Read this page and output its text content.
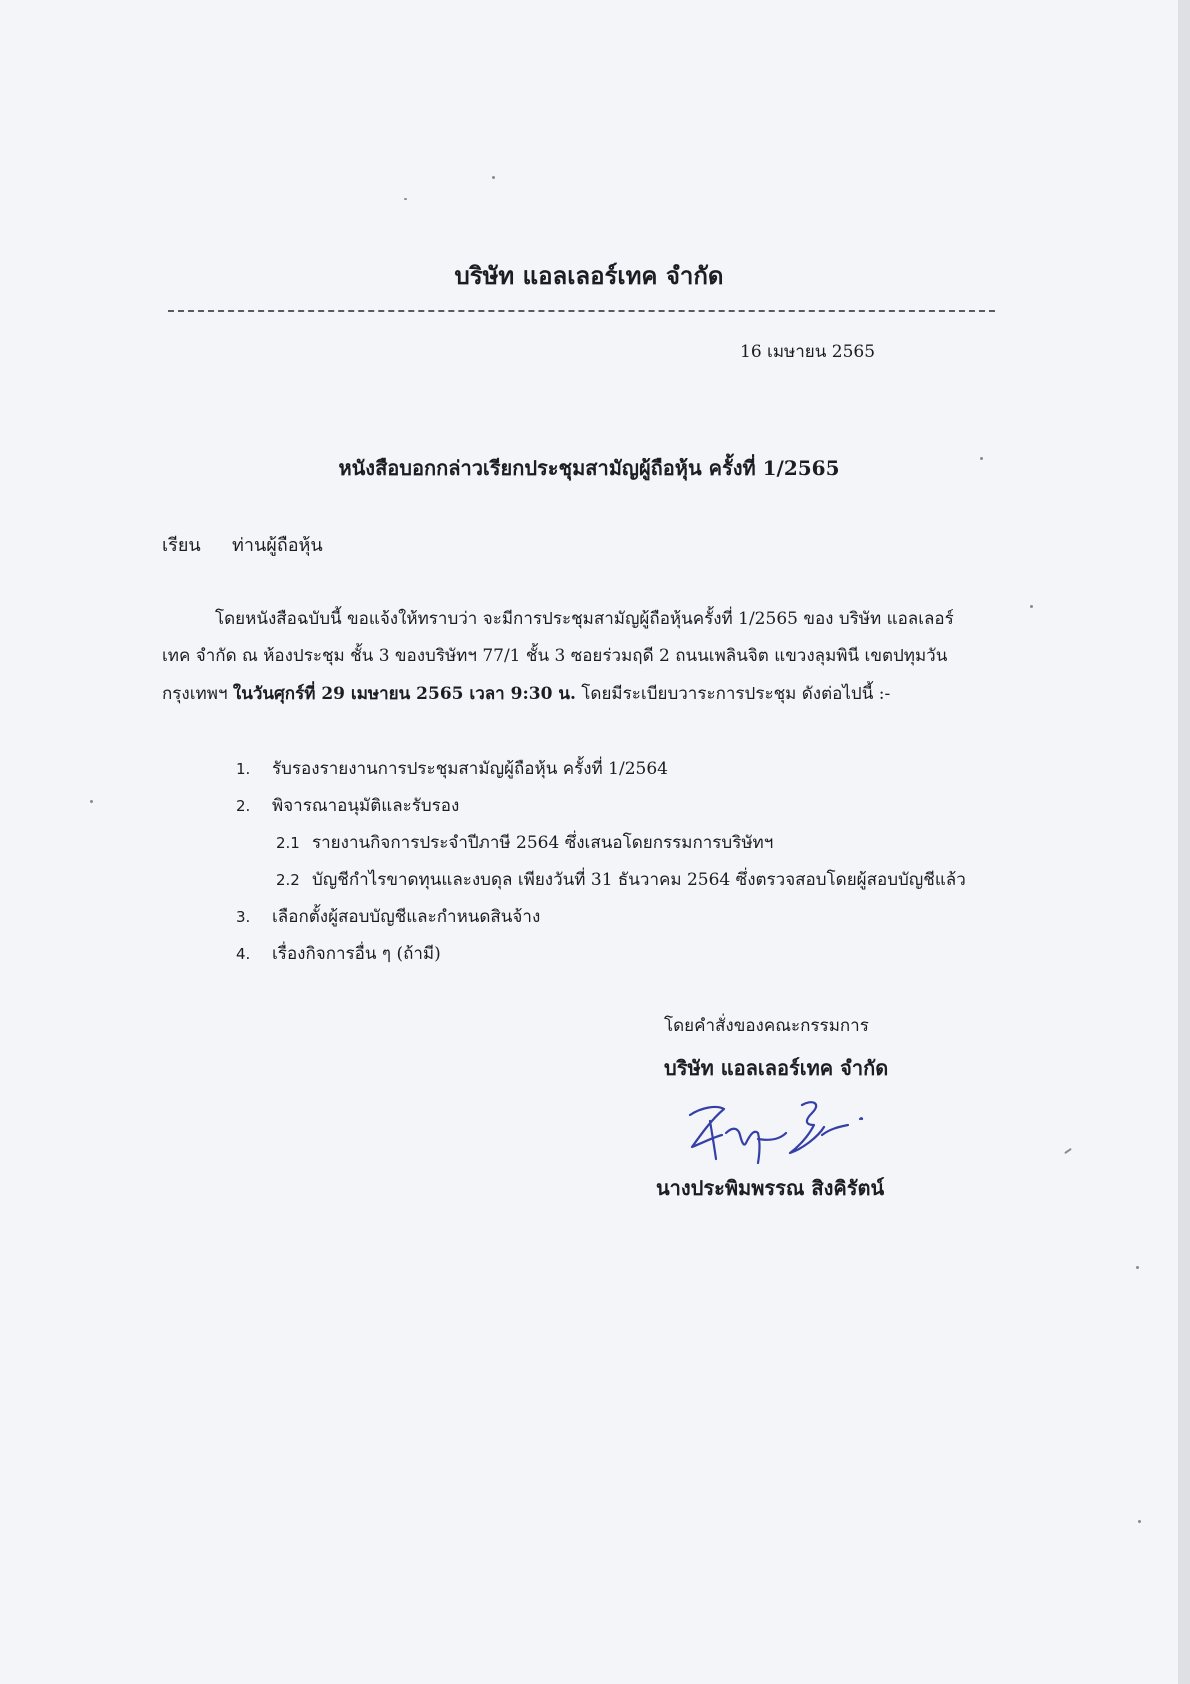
บริษัท แอลเลอร์เทค จำกัด
16 เมษายน 2565
หนังสือบอกกล่าวเรียกประชุมสามัญผู้ถือหุ้น ครั้งที่ 1/2565
เรียน ท่านผู้ถือหุ้น
โดยหนังสือฉบับนี้ ขอแจ้งให้ทราบว่า จะมีการประชุมสามัญผู้ถือหุ้นครั้งที่ 1/2565 ของ บริษัท แอลเลอร์
เทค จำกัด ณ ห้องประชุม ชั้น 3 ของบริษัทฯ 77/1 ชั้น 3 ซอยร่วมฤดี 2 ถนนเพลินจิต แขวงลุมพินี เขตปทุมวัน
กรุงเทพฯ ในวันศุกร์ที่ 29 เมษายน 2565 เวลา 9:30 น. โดยมีระเบียบวาระการประชุม ดังต่อไปนี้ :-
1. รับรองรายงานการประชุมสามัญผู้ถือหุ้น ครั้งที่ 1/2564
2. พิจารณาอนุมัติและรับรอง
2.1 รายงานกิจการประจำปีภาษี 2564 ซึ่งเสนอโดยกรรมการบริษัทฯ
2.2 บัญชีกำไรขาดทุนและงบดุล เพียงวันที่ 31 ธันวาคม 2564 ซึ่งตรวจสอบโดยผู้สอบบัญชีแล้ว
3. เลือกตั้งผู้สอบบัญชีและกำหนดสินจ้าง
4. เรื่องกิจการอื่น ๆ (ถ้ามี)
โดยคำสั่งของคณะกรรมการ
บริษัท แอลเลอร์เทค จำกัด
นางประพิมพรรณ สิงคิรัตน์
